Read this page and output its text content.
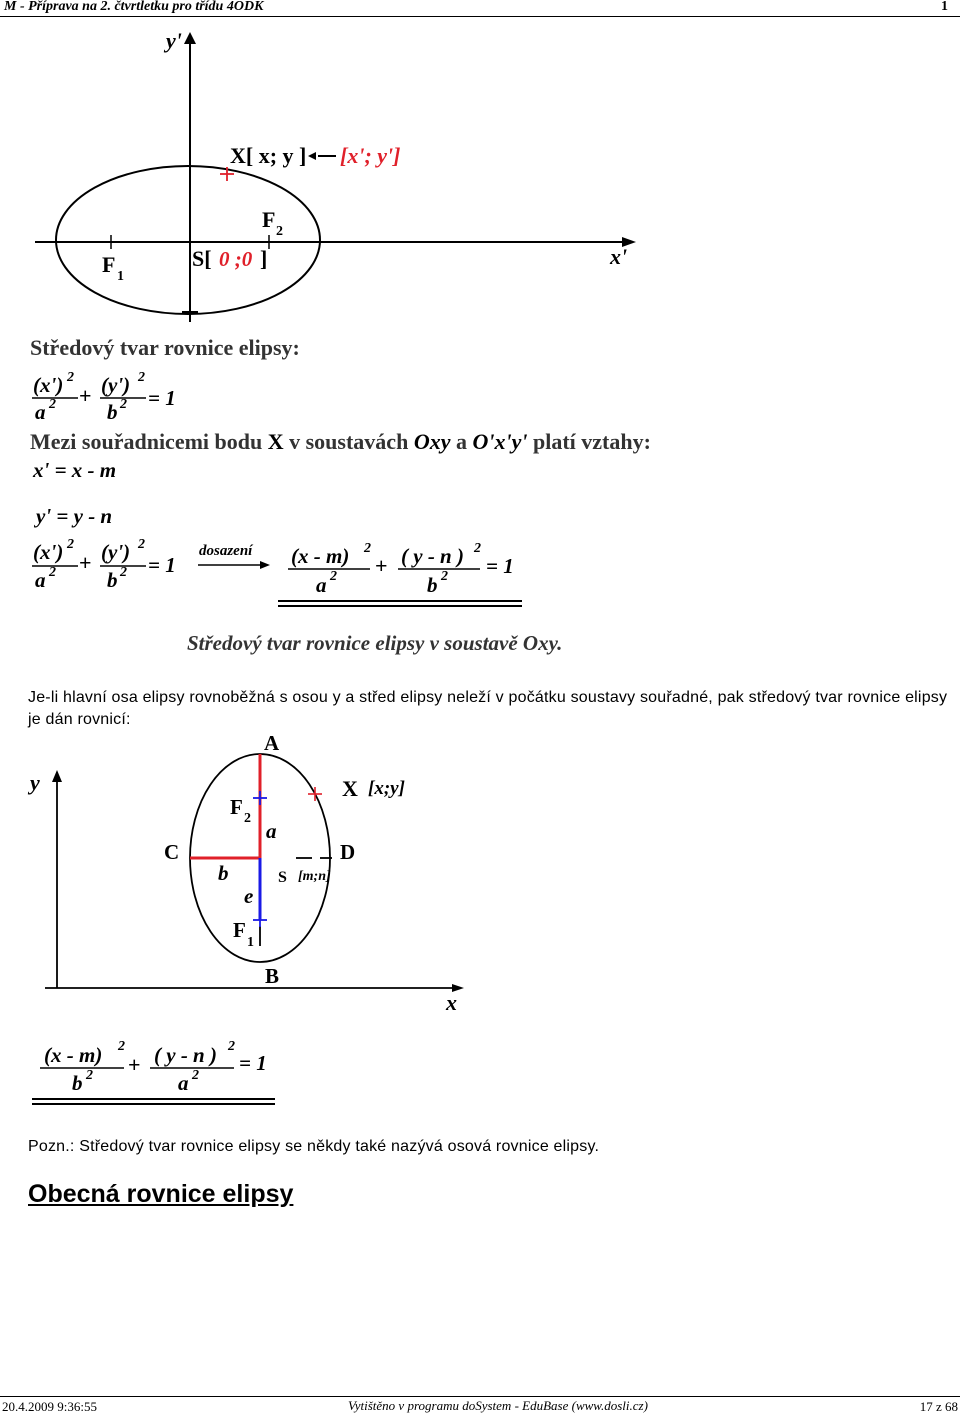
M - Příprava na 2. čtvrtletku pro třídu 4ODK	1
y'
x'
X[ x; y ] [x'; y']
F 2
F 1
S[ 0 ;0 ]
Středový tvar rovnice elipsy:
(x') 2
a 2 + (y') 2
b 2 = 1
Mezi souřadnicemi bodu X v soustavách Oxy a O'x'y' platí vztahy:
x' = x - m
y' = y - n
(x') 2
a 2 + (y') 2
b 2 = 1
dosazení (x - m) 2
a 2 + ( y - n ) 2
b 2 = 1
Středový tvar rovnice elipsy v soustavě Oxy.

Je-li hlavní osa elipsy rovnoběžná s osou y a střed elipsy neleží v počátku soustavy souřadné, pak středový tvar rovnice elipsy je dán rovnicí:

y
x
A
B
C	D
X [x;y]
F 2
F
1
a
b
e
S [m;n]
(x - m) 2
b 2 + ( y - n ) 2
a 2
= 1

Pozn.: Středový tvar rovnice elipsy se někdy také nazývá osová rovnice elipsy.

Obecná rovnice elipsy
20.4.2009 9:36:55	Vytištěno v programu doSystem - EduBase (www.dosli.cz)	17 z 68
